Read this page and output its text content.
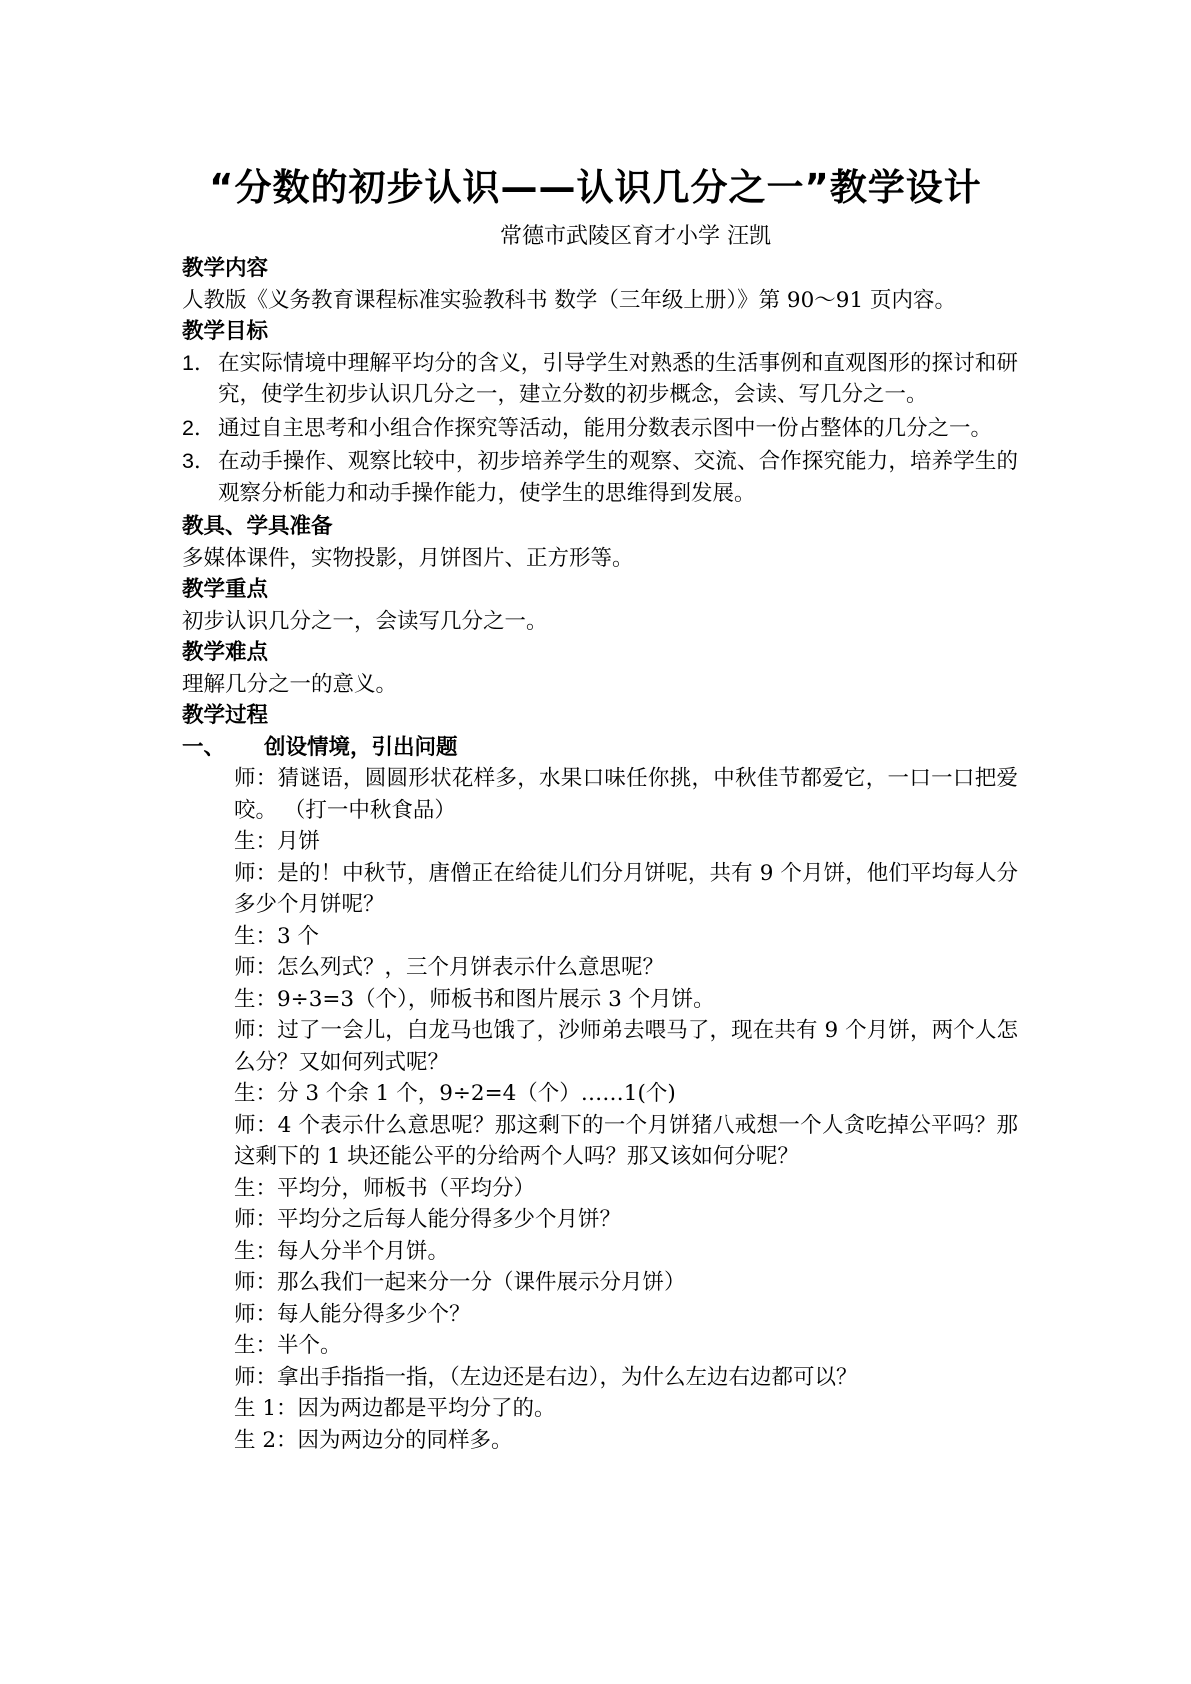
“分数的初步认识——认识几分之一”教学设计
常德市武陵区育才小学 汪凯
教学内容
人教版《义务教育课程标准实验教科书 数学（三年级上册）》第 90～91 页内容。
教学目标
1． 在实际情境中理解平均分的含义，引导学生对熟悉的生活事例和直观图形的探讨和研究，使学生初步认识几分之一，建立分数的初步概念，会读、写几分之一。
2． 通过自主思考和小组合作探究等活动，能用分数表示图中一份占整体的几分之一。
3． 在动手操作、观察比较中，初步培养学生的观察、交流、合作探究能力，培养学生的观察分析能力和动手操作能力，使学生的思维得到发展。
教具、学具准备
多媒体课件，实物投影，月饼图片、正方形等。
教学重点
初步认识几分之一，会读写几分之一。
教学难点
理解几分之一的意义。
教学过程
一、 创设情境，引出问题
师：猜谜语，圆圆形状花样多，水果口味任你挑，中秋佳节都爱它，一口一口把爱咬。 （打一中秋食品）
生：月饼
师：是的！中秋节，唐僧正在给徒儿们分月饼呢，共有 9 个月饼，他们平均每人分多少个月饼呢？
生：3 个
师：怎么列式？，三个月饼表示什么意思呢？
生：9÷3=3（个），师板书和图片展示 3 个月饼。
师：过了一会儿，白龙马也饿了，沙师弟去喂马了，现在共有 9 个月饼，两个人怎么分？又如何列式呢？
生：分 3 个余 1 个，9÷2=4（个）……1(个)
师：4 个表示什么意思呢？那这剩下的一个月饼猪八戒想一个人贪吃掉公平吗？那这剩下的 1 块还能公平的分给两个人吗？那又该如何分呢？
生：平均分，师板书（平均分）
师：平均分之后每人能分得多少个月饼？
生：每人分半个月饼。
师：那么我们一起来分一分（课件展示分月饼）
师：每人能分得多少个？
生：半个。
师：拿出手指指一指，（左边还是右边），为什么左边右边都可以？
生 1：因为两边都是平均分了的。
生 2：因为两边分的同样多。
